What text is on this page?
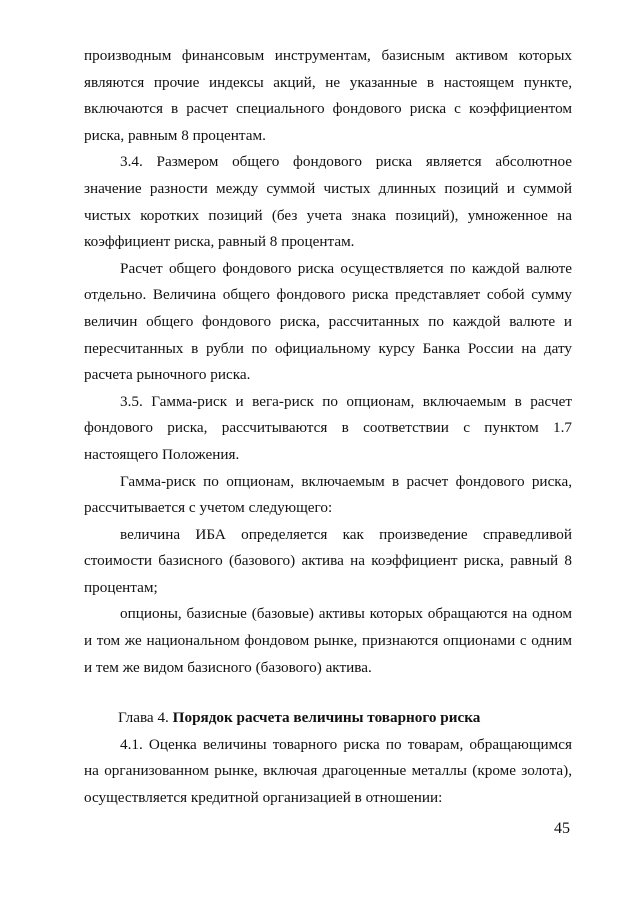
производным финансовым инструментам, базисным активом которых являются прочие индексы акций, не указанные в настоящем пункте, включаются в расчет специального фондового риска с коэффициентом риска, равным 8 процентам.

3.4. Размером общего фондового риска является абсолютное значение разности между суммой чистых длинных позиций и суммой чистых коротких позиций (без учета знака позиций), умноженное на коэффициент риска, равный 8 процентам.

Расчет общего фондового риска осуществляется по каждой валюте отдельно. Величина общего фондового риска представляет собой сумму величин общего фондового риска, рассчитанных по каждой валюте и пересчитанных в рубли по официальному курсу Банка России на дату расчета рыночного риска.

3.5. Гамма-риск и вега-риск по опционам, включаемым в расчет фондового риска, рассчитываются в соответствии с пунктом 1.7 настоящего Положения.

Гамма-риск по опционам, включаемым в расчет фондового риска, рассчитывается с учетом следующего:

величина ИБА определяется как произведение справедливой стоимости базисного (базового) актива на коэффициент риска, равный 8 процентам;

опционы, базисные (базовые) активы которых обращаются на одном и том же национальном фондовом рынке, признаются опционами с одним и тем же видом базисного (базового) актива.

Глава 4. Порядок расчета величины товарного риска

4.1. Оценка величины товарного риска по товарам, обращающимся на организованном рынке, включая драгоценные металлы (кроме золота), осуществляется кредитной организацией в отношении:

45
